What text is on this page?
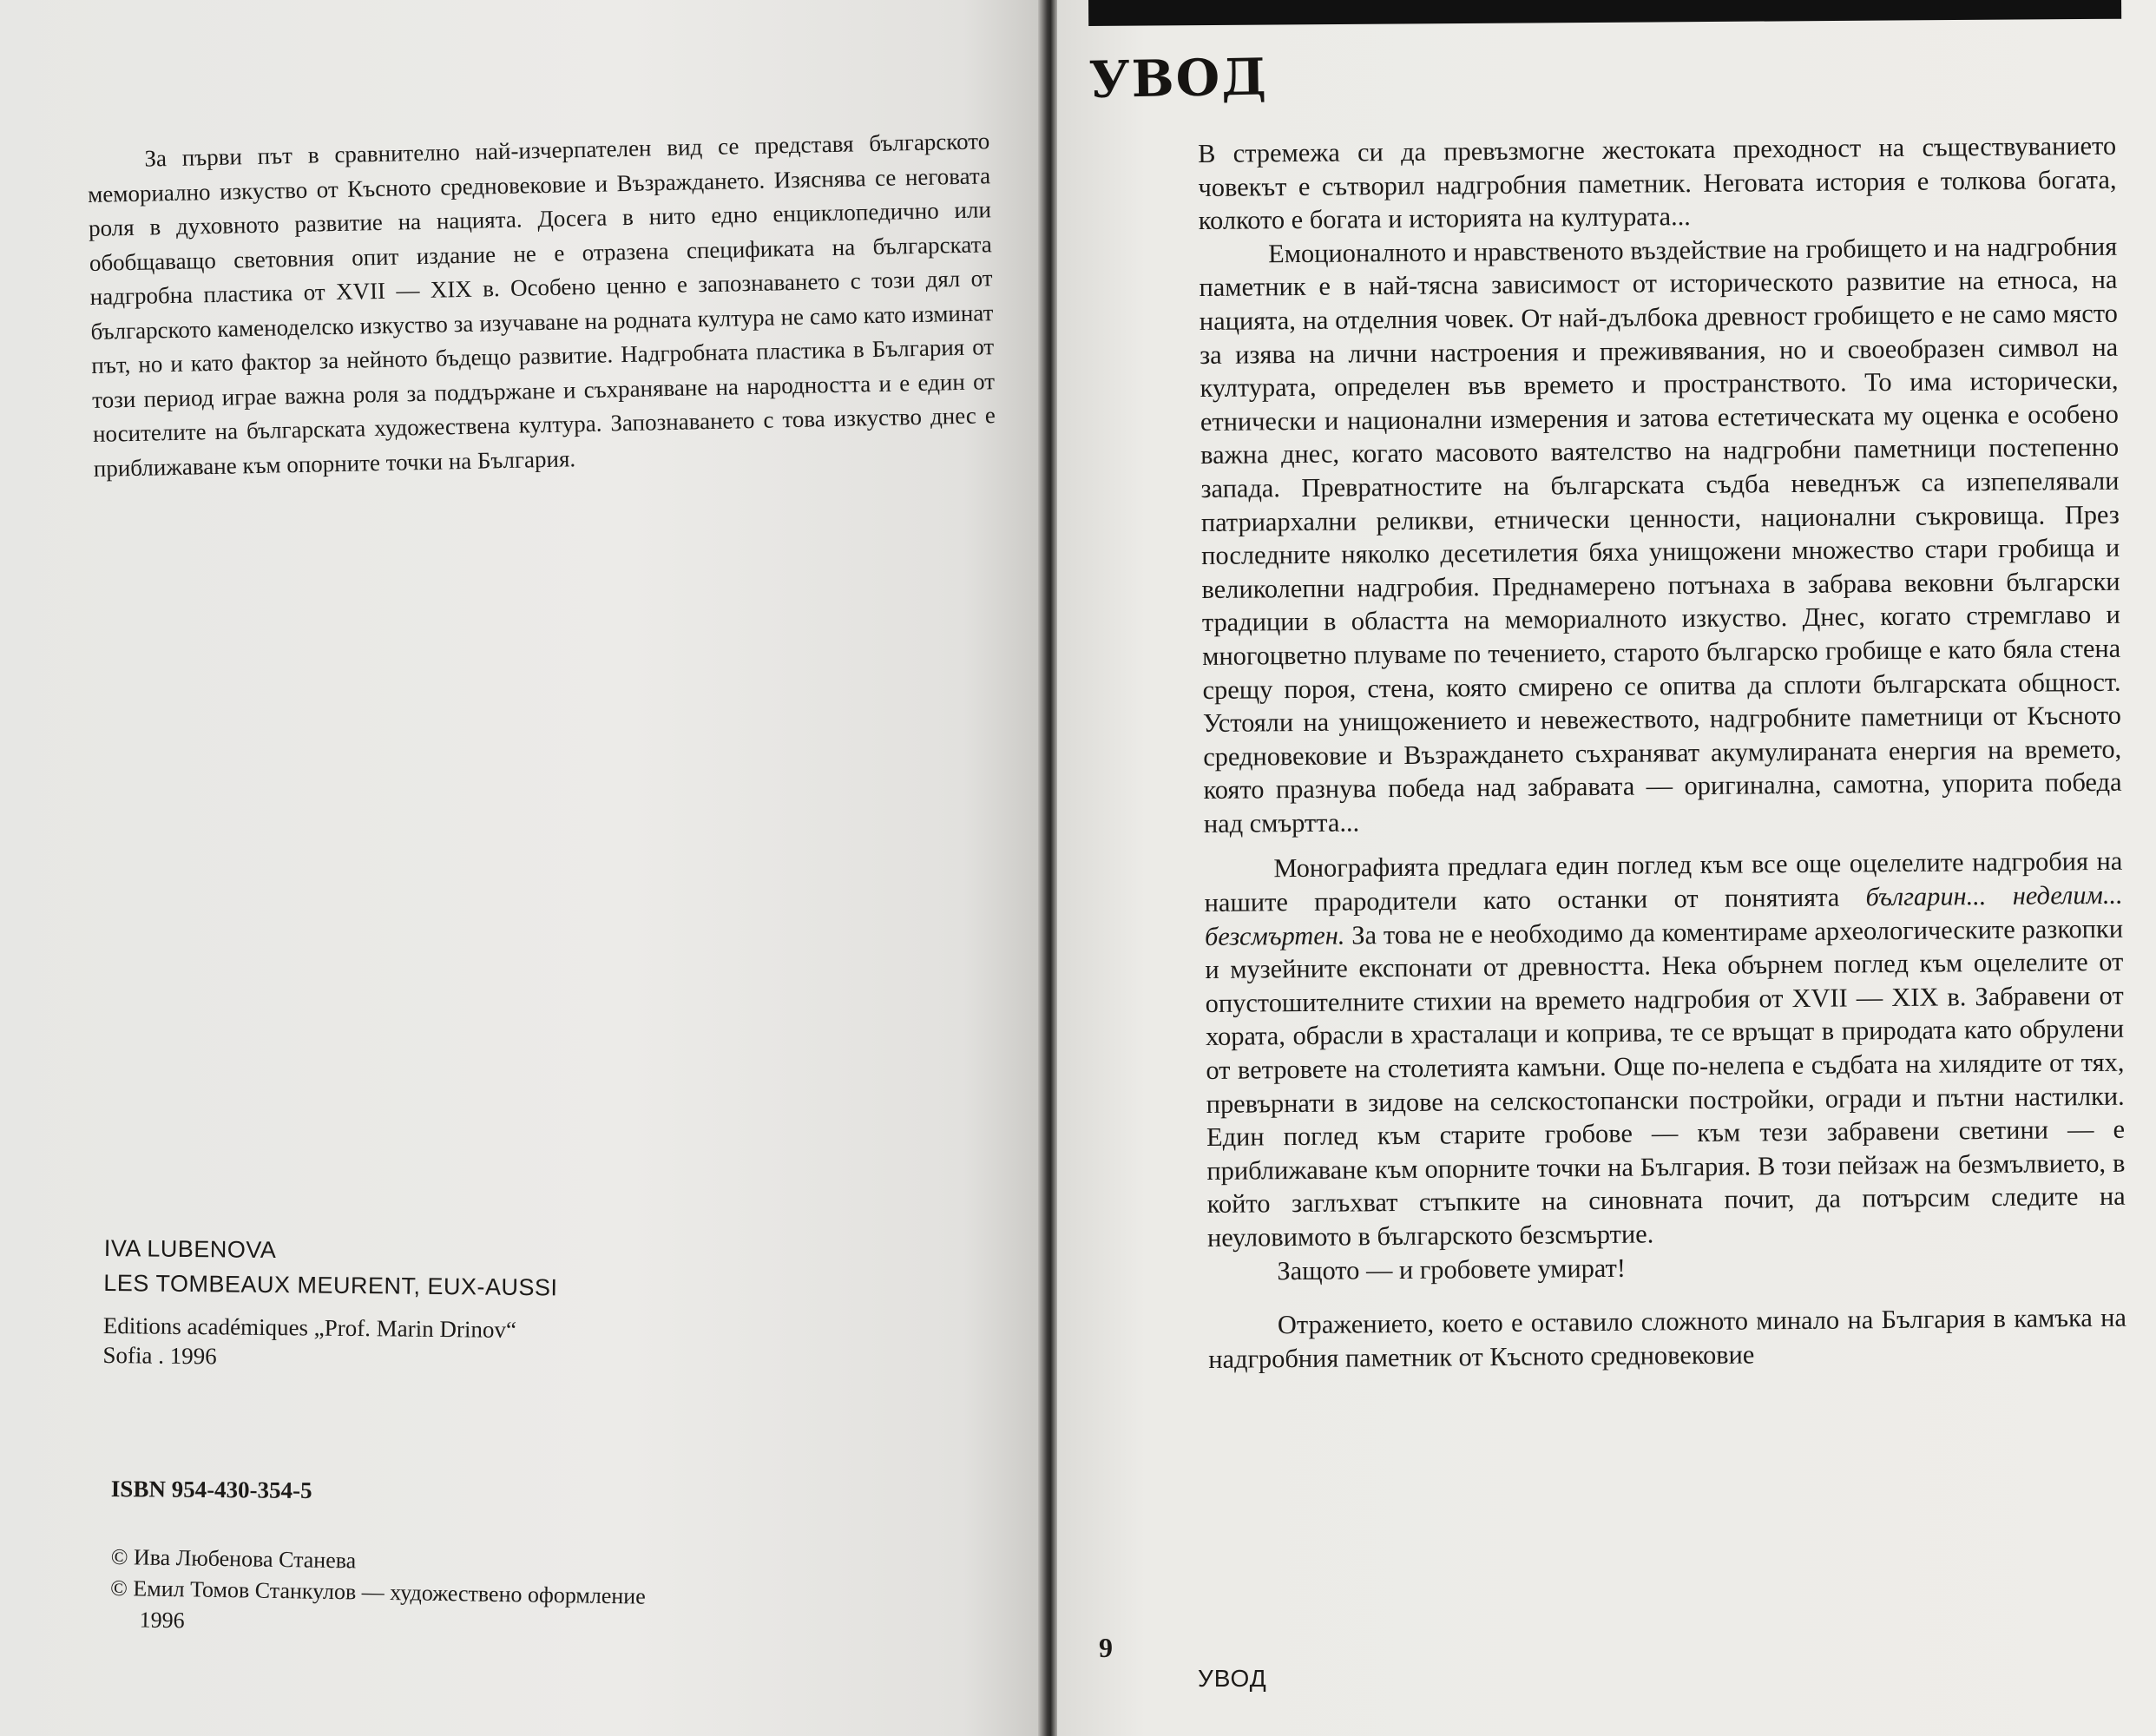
За първи път в сравнително най-изчерпателен вид се представя българското мемориално изкуство от Късното средновековие и Възраждането. Изяснява се неговата роля в духовното развитие на нацията. Досега в нито едно енциклопедично или обобщаващо световния опит издание не е отразена спецификата на българската надгробна пластика от XVII — XIX в. Особено ценно е запознаването с този дял от българското каменоделско изкуство за изучаване на родната култура не само като изминат път, но и като фактор за нейното бъдещо развитие. Надгробната пластика в България от този период играе важна роля за поддържане и съхраняване на народността и е един от носителите на българската художествена култура. Запознаването с това изкуство днес е приближаване към опорните точки на България.

IVA LUBENOVA
LES TOMBEAUX MEURENT, EUX-AUSSI
Editions académiques „Prof. Marin Drinov“
Sofia . 1996
ISBN 954-430-354-5
© Ива Любенова Станева
© Емил Томов Станкулов — художествено оформление
1996
УВОД

В стремежа си да превъзмогне жестоката преходност на съществуванието човекът е сътворил надгробния паметник. Неговата история е толкова богата, колкото е богата и историята на културата...

Емоционалното и нравственото въздействие на гробището и на надгробния паметник е в най-тясна зависимост от историческото развитие на етноса, на нацията, на отделния човек. От най-дълбока древност гробището е не само място за изява на лични настроения и преживявания, но и своеобразен символ на културата, определен във времето и пространството. То има исторически, етнически и национални измерения и затова естетическата му оценка е особено важна днес, когато масовото ваятелство на надгробни паметници постепенно запада. Превратностите на българската съдба неведнъж са изпепелявали патриархални реликви, етнически ценности, национални съкровища. През последните няколко десетилетия бяха унищожени множество стари гробища и великолепни надгробия. Преднамерено потънаха в забрава вековни български традиции в областта на мемориалното изкуство. Днес, когато стремглаво и многоцветно плуваме по течението, старото българско гробище е като бяла стена срещу пороя, стена, която смирено се опитва да сплоти българската общност. Устояли на унищожението и невежеството, надгробните паметници от Късното средновековие и Възраждането съхраняват акумулираната енергия на времето, която празнува победа над забравата — оригинална, самотна, упорита победа над смъртта...

Монографията предлага един поглед към все още оцелелите надгробия на нашите прародители като останки от понятията българин... неделим... безсмъртен. За това не е необходимо да коментираме археологическите разкопки и музейните експонати от древността. Нека обърнем поглед към оцелелите от опустошителните стихии на времето надгробия от XVII — XIX в. Забравени от хората, обрасли в храсталаци и коприва, те се връщат в природата като обрулени от ветровете на столетията камъни. Още по-нелепа е съдбата на хилядите от тях, превърнати в зидове на селскостопански постройки, огради и пътни настилки. Един поглед към старите гробове — към тези забравени светини — е приближаване към опорните точки на България. В този пейзаж на безмълвието, в който заглъхват стъпките на синовната почит, да потърсим следите на неуловимото в българското безсмъртие.

Защото — и гробовете умират!

Отражението, което е оставило сложното минало на България в камъка на надгробния паметник от Късното средновековие

9
УВОД
